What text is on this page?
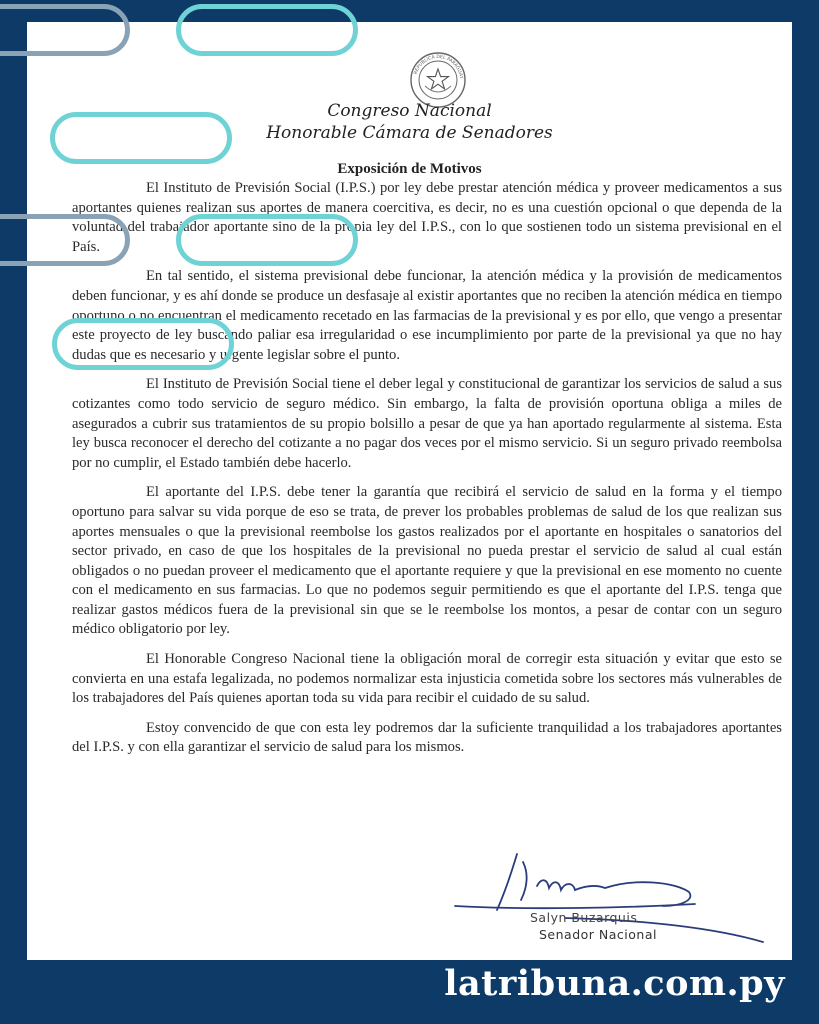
REPÚBLICA DEL PARAGUAY
Congreso Nacional
Honorable Cámara de Senadores
Exposición de Motivos

El Instituto de Previsión Social (I.P.S.) por ley debe prestar atención médica y proveer medicamentos a sus aportantes quienes realizan sus aportes de manera coercitiva, es decir, no es una cuestión opcional o que dependa de la voluntad del trabajador aportante sino de la propia ley del I.P.S., con lo que sostienen todo un sistema previsional en el País.

En tal sentido, el sistema previsional debe funcionar, la atención médica y la provisión de medicamentos deben funcionar, y es ahí donde se produce un desfasaje al existir aportantes que no reciben la atención médica en tiempo oportuno o no encuentran el medicamento recetado en las farmacias de la previsional y es por ello, que vengo a presentar este proyecto de ley buscando paliar esa irregularidad o ese incumplimiento por parte de la previsional ya que no hay dudas que es necesario y urgente legislar sobre el punto.

El Instituto de Previsión Social tiene el deber legal y constitucional de garantizar los servicios de salud a sus cotizantes como todo servicio de seguro médico. Sin embargo, la falta de provisión oportuna obliga a miles de asegurados a cubrir sus tratamientos de su propio bolsillo a pesar de que ya han aportado regularmente al sistema. Esta ley busca reconocer el derecho del cotizante a no pagar dos veces por el mismo servicio. Si un seguro privado reembolsa por no cumplir, el Estado también debe hacerlo.

El aportante del I.P.S. debe tener la garantía que recibirá el servicio de salud en la forma y el tiempo oportuno para salvar su vida porque de eso se trata, de prever los probables problemas de salud de los que realizan sus aportes mensuales o que la previsional reembolse los gastos realizados por el aportante en hospitales o sanatorios del sector privado, en caso de que los hospitales de la previsional no pueda prestar el servicio de salud al cual están obligados o no puedan proveer el medicamento que el aportante requiere y que la previsional en ese momento no cuente con el medicamento en sus farmacias. Lo que no podemos seguir permitiendo es que el aportante del I.P.S. tenga que realizar gastos médicos fuera de la previsional sin que se le reembolse los montos, a pesar de contar con un seguro médico obligatorio por ley.

El Honorable Congreso Nacional tiene la obligación moral de corregir esta situación y evitar que esto se convierta en una estafa legalizada, no podemos normalizar esta injusticia cometida sobre los sectores más vulnerables de los trabajadores del País quienes aportan toda su vida para recibir el cuidado de su salud.

Estoy convencido de que con esta ley podremos dar la suficiente tranquilidad a los trabajadores aportantes del I.P.S. y con ella garantizar el servicio de salud para los mismos.

Salyn Buzarquis
Senador Nacional
latribuna.com.py
